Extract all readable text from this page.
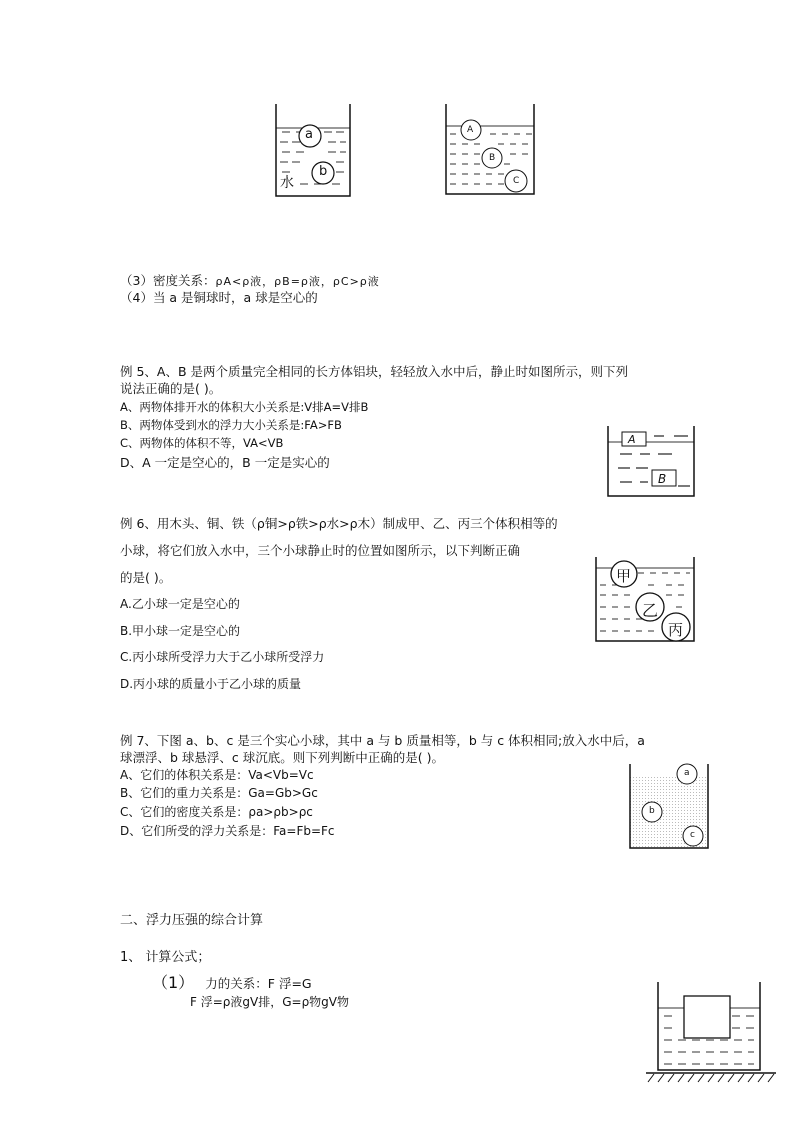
a
b
水
A
B
C
（3）密度关系：ρA<ρ液，ρB=ρ液，ρC>ρ液
（4）当 a 是铜球时，a 球是空心的
例 5、A、B 是两个质量完全相同的长方体铝块，轻轻放入水中后，静止时如图所示，则下列
说法正确的是( )。
A、两物体排开水的体积大小关系是:V排A=V排B
B、两物体受到水的浮力大小关系是:FA>FB
C、两物体的体积不等，VA<VB
D、A 一定是空心的，B 一定是实心的
A
B
例 6、用木头、铜、铁（ρ铜>ρ铁>ρ水>ρ木）制成甲、乙、丙三个体积相等的
小球，将它们放入水中，三个小球静止时的位置如图所示，以下判断正确
的是( )。
A.乙小球一定是空心的
B.甲小球一定是空心的
C.丙小球所受浮力大于乙小球所受浮力
D.丙小球的质量小于乙小球的质量
甲
乙
丙
例 7、下图 a、b、c 是三个实心小球，其中 a 与 b 质量相等，b 与 c 体积相同;放入水中后，a
球漂浮、b 球悬浮、c 球沉底。则下列判断中正确的是( )。
A、它们的体积关系是：Va<Vb=Vc
B、它们的重力关系是：Ga=Gb>Gc
C、它们的密度关系是：ρa>ρb>ρc
D、它们所受的浮力关系是：Fa=Fb=Fc
a
b
c
二、浮力压强的综合计算
1、 计算公式；
（1） 力的关系：F 浮=G
F 浮=ρ液gV排，G=ρ物gV物
